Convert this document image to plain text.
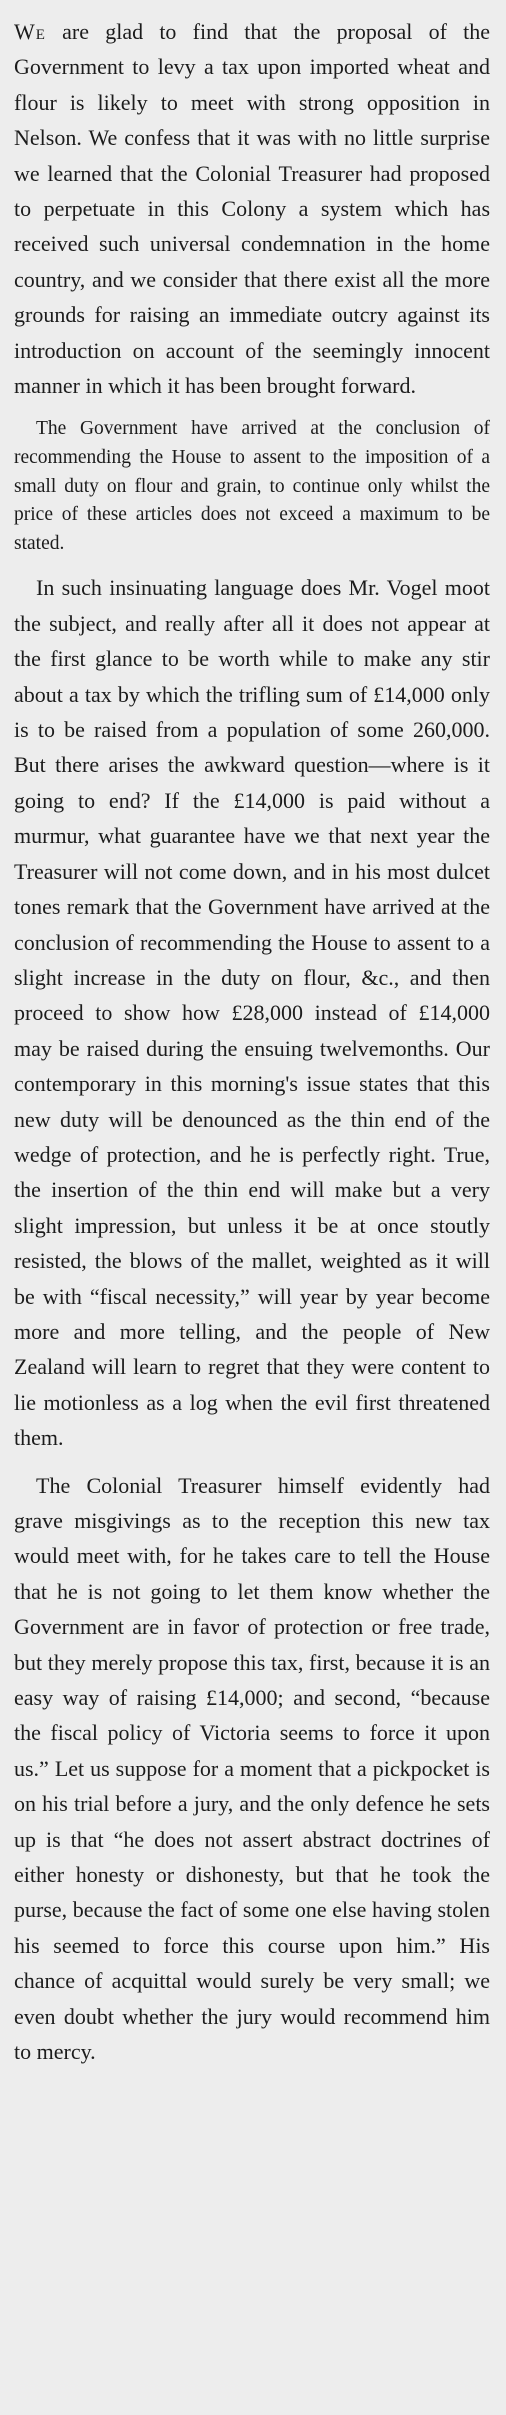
We are glad to find that the proposal of the Government to levy a tax upon imported wheat and flour is likely to meet with strong opposition in Nelson. We confess that it was with no little surprise we learned that the Colonial Treasurer had proposed to perpetuate in this Colony a system which has received such universal condemnation in the home country, and we consider that there exist all the more grounds for raising an immediate outcry against its introduction on account of the seemingly innocent manner in which it has been brought forward.

The Government have arrived at the conclusion of recommending the House to assent to the imposition of a small duty on flour and grain, to continue only whilst the price of these articles does not exceed a maximum to be stated.

In such insinuating language does Mr. Vogel moot the subject, and really after all it does not appear at the first glance to be worth while to make any stir about a tax by which the trifling sum of £14,000 only is to be raised from a population of some 260,000. But there arises the awkward question—where is it going to end? If the £14,000 is paid without a murmur, what guarantee have we that next year the Treasurer will not come down, and in his most dulcet tones remark that the Government have arrived at the conclusion of recommending the House to assent to a slight increase in the duty on flour, &c., and then proceed to show how £28,000 instead of £14,000 may be raised during the ensuing twelvemonths. Our contemporary in this morning's issue states that this new duty will be denounced as the thin end of the wedge of protection, and he is perfectly right. True, the insertion of the thin end will make but a very slight impression, but unless it be at once stoutly resisted, the blows of the mallet, weighted as it will be with “fiscal necessity,” will year by year become more and more telling, and the people of New Zealand will learn to regret that they were content to lie motionless as a log when the evil first threatened them.

The Colonial Treasurer himself evidently had grave misgivings as to the reception this new tax would meet with, for he takes care to tell the House that he is not going to let them know whether the Government are in favor of protection or free trade, but they merely propose this tax, first, because it is an easy way of raising £14,000; and second, “because the fiscal policy of Victoria seems to force it upon us.” Let us suppose for a moment that a pickpocket is on his trial before a jury, and the only defence he sets up is that “he does not assert abstract doctrines of either honesty or dishonesty, but that he took the purse, because the fact of some one else having stolen his seemed to force this course upon him.” His chance of acquittal would surely be very small; we even doubt whether the jury would recommend him to mercy.
